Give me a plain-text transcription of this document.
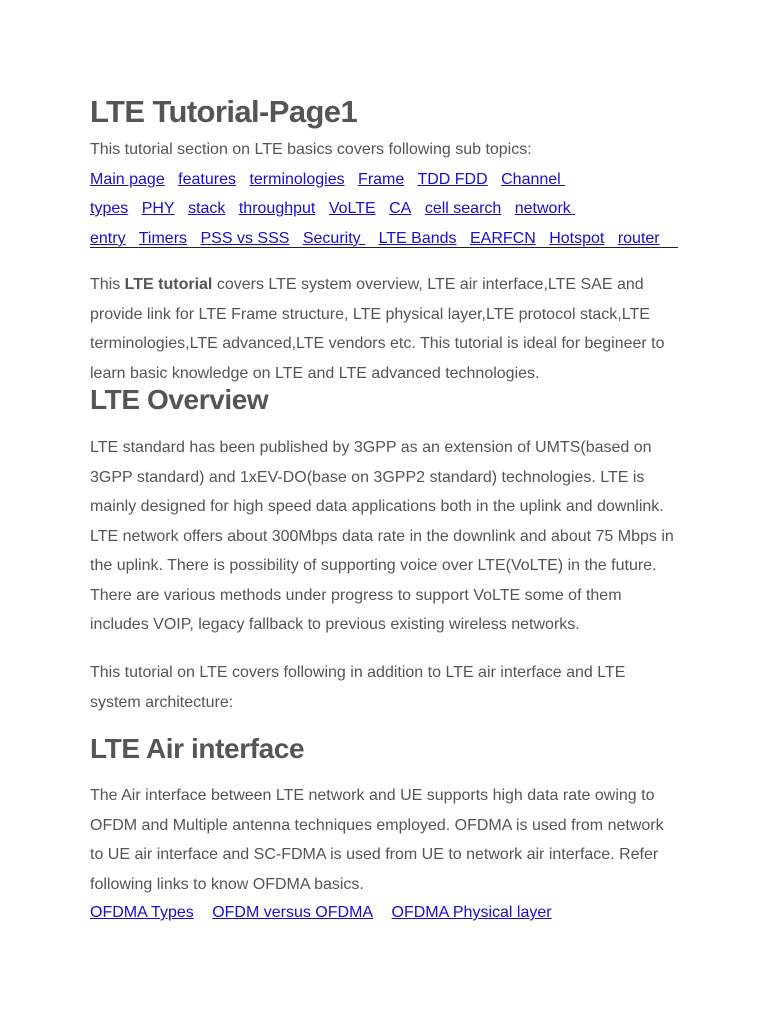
LTE Tutorial-Page1

This tutorial section on LTE basics covers following sub topics:

Main page features terminologies Frame TDD FDD Channel
types PHY stack throughput VoLTE CA cell search network
entry Timers PSS vs SSS Security  LTE Bands EARFCN Hotspot router

This LTE tutorial covers LTE system overview, LTE air interface,LTE SAE and provide link for LTE Frame structure, LTE physical layer,LTE protocol stack,LTE terminologies,LTE advanced,LTE vendors etc. This tutorial is ideal for begineer to learn basic knowledge on LTE and LTE advanced technologies.

LTE Overview

LTE standard has been published by 3GPP as an extension of UMTS(based on 3GPP standard) and 1xEV-DO(base on 3GPP2 standard) technologies. LTE is mainly designed for high speed data applications both in the uplink and downlink. LTE network offers about 300Mbps data rate in the downlink and about 75 Mbps in the uplink. There is possibility of supporting voice over LTE(VoLTE) in the future. There are various methods under progress to support VoLTE some of them includes VOIP, legacy fallback to previous existing wireless networks.

This tutorial on LTE covers following in addition to LTE air interface and LTE system architecture:

LTE Air interface

The Air interface between LTE network and UE supports high data rate owing to OFDM and Multiple antenna techniques employed. OFDMA is used from network to UE air interface and SC-FDMA is used from UE to network air interface. Refer following links to know OFDMA basics.

OFDMA Types OFDM versus OFDMA OFDMA Physical layer
